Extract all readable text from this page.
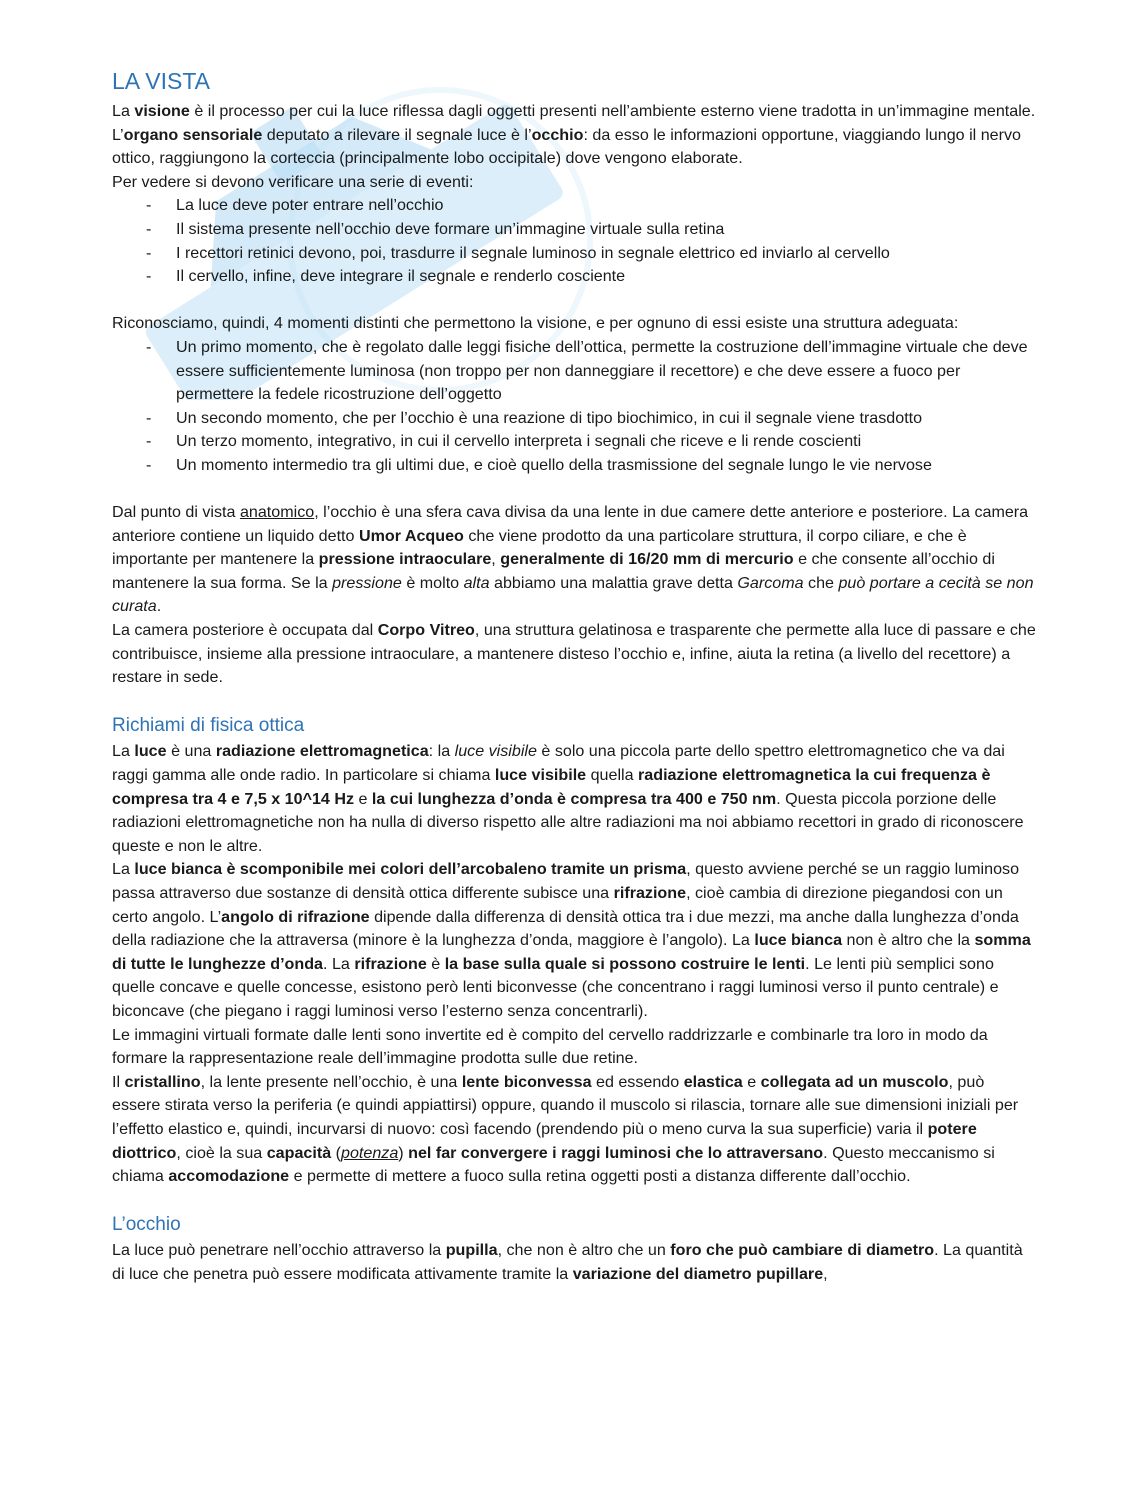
LA VISTA

La visione è il processo per cui la luce riflessa dagli oggetti presenti nell’ambiente esterno viene tradotta in un’immagine mentale. L’organo sensoriale deputato a rilevare il segnale luce è l’occhio: da esso le informazioni opportune, viaggiando lungo il nervo ottico, raggiungono la corteccia (principalmente lobo occipitale) dove vengono elaborate.

Per vedere si devono verificare una serie di eventi:

- La luce deve poter entrare nell’occhio
- Il sistema presente nell’occhio deve formare un’immagine virtuale sulla retina
- I recettori retinici devono, poi, trasdurre il segnale luminoso in segnale elettrico ed inviarlo al cervello
- Il cervello, infine, deve integrare il segnale e renderlo cosciente

Riconosciamo, quindi, 4 momenti distinti che permettono la visione, e per ognuno di essi esiste una struttura adeguata:

- Un primo momento, che è regolato dalle leggi fisiche dell’ottica, permette la costruzione dell’immagine virtuale che deve essere sufficientemente luminosa (non troppo per non danneggiare il recettore) e che deve essere a fuoco per permettere la fedele ricostruzione dell’oggetto
- Un secondo momento, che per l’occhio è una reazione di tipo biochimico, in cui il segnale viene trasdotto
- Un terzo momento, integrativo, in cui il cervello interpreta i segnali che riceve e li rende coscienti
- Un momento intermedio tra gli ultimi due, e cioè quello della trasmissione del segnale lungo le vie nervose

Dal punto di vista anatomico, l’occhio è una sfera cava divisa da una lente in due camere dette anteriore e posteriore. La camera anteriore contiene un liquido detto Umor Acqueo che viene prodotto da una particolare struttura, il corpo ciliare, e che è importante per mantenere la pressione intraoculare, generalmente di 16/20 mm di mercurio e che consente all’occhio di mantenere la sua forma. Se la pressione è molto alta abbiamo una malattia grave detta Garcoma che può portare a cecità se non curata.

La camera posteriore è occupata dal Corpo Vitreo, una struttura gelatinosa e trasparente che permette alla luce di passare e che contribuisce, insieme alla pressione intraoculare, a mantenere disteso l’occhio e, infine, aiuta la retina (a livello del recettore) a restare in sede.

Richiami di fisica ottica

La luce è una radiazione elettromagnetica: la luce visibile è solo una piccola parte dello spettro elettromagnetico che va dai raggi gamma alle onde radio. In particolare si chiama luce visibile quella radiazione elettromagnetica la cui frequenza è compresa tra 4 e 7,5 x 10^14 Hz e la cui lunghezza d’onda è compresa tra 400 e 750 nm. Questa piccola porzione delle radiazioni elettromagnetiche non ha nulla di diverso rispetto alle altre radiazioni ma noi abbiamo recettori in grado di riconoscere queste e non le altre.

La luce bianca è scomponibile mei colori dell’arcobaleno tramite un prisma, questo avviene perché se un raggio luminoso passa attraverso due sostanze di densità ottica differente subisce una rifrazione, cioè cambia di direzione piegandosi con un certo angolo. L’angolo di rifrazione dipende dalla differenza di densità ottica tra i due mezzi, ma anche dalla lunghezza d’onda della radiazione che la attraversa (minore è la lunghezza d’onda, maggiore è l’angolo). La luce bianca non è altro che la somma di tutte le lunghezze d’onda. La rifrazione è la base sulla quale si possono costruire le lenti. Le lenti più semplici sono quelle concave e quelle concesse, esistono però lenti biconvesse (che concentrano i raggi luminosi verso il punto centrale) e biconcave (che piegano i raggi luminosi verso l’esterno senza concentrarli).

Le immagini virtuali formate dalle lenti sono invertite ed è compito del cervello raddrizzarle e combinarle tra loro in modo da formare la rappresentazione reale dell’immagine prodotta sulle due retine.

Il cristallino, la lente presente nell’occhio, è una lente biconvessa ed essendo elastica e collegata ad un muscolo, può essere stirata verso la periferia (e quindi appiattirsi) oppure, quando il muscolo si rilascia, tornare alle sue dimensioni iniziali per l’effetto elastico e, quindi, incurvarsi di nuovo: così facendo (prendendo più o meno curva la sua superficie) varia il potere diottrico, cioè la sua capacità (potenza) nel far convergere i raggi luminosi che lo attraversano. Questo meccanismo si chiama accomodazione e permette di mettere a fuoco sulla retina oggetti posti a distanza differente dall’occhio.

L’occhio

La luce può penetrare nell’occhio attraverso la pupilla, che non è altro che un foro che può cambiare di diametro. La quantità di luce che penetra può essere modificata attivamente tramite la variazione del diametro pupillare,
